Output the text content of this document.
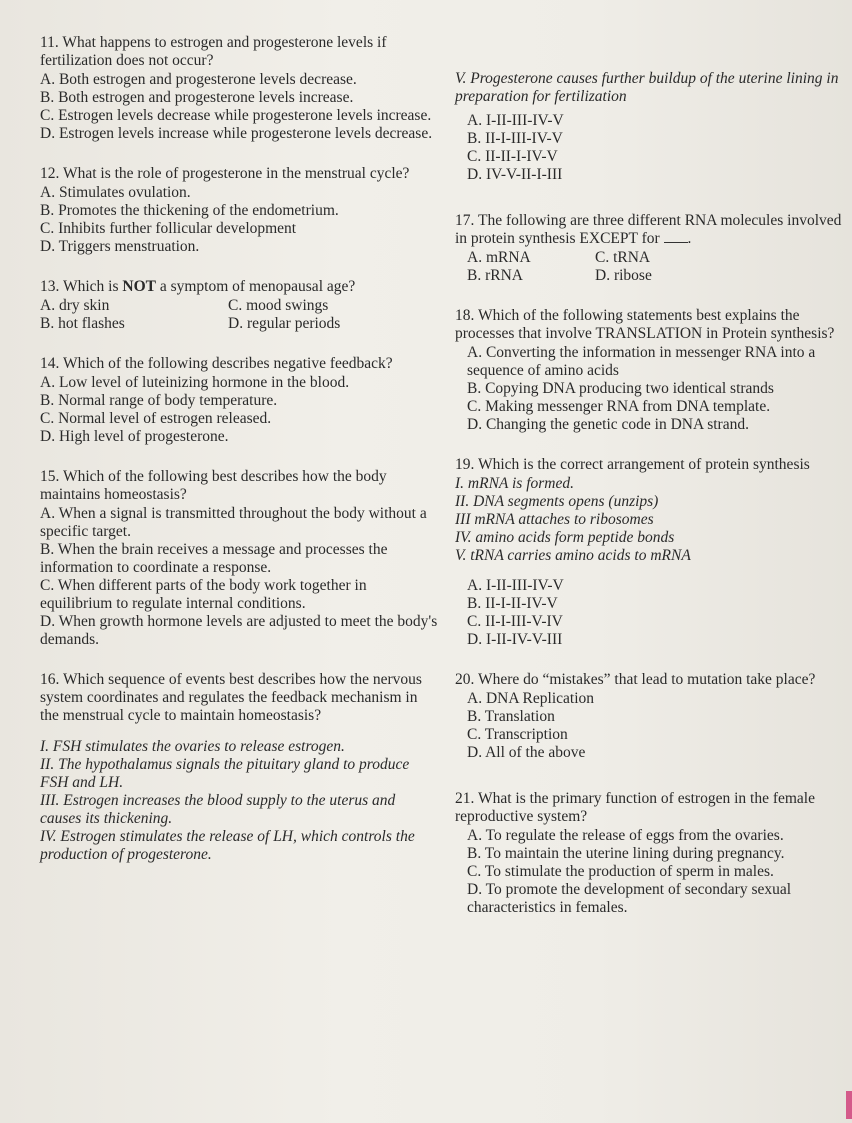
11. What happens to estrogen and progesterone levels if fertilization does not occur?
A. Both estrogen and progesterone levels decrease.
B. Both estrogen and progesterone levels increase.
C. Estrogen levels decrease while progesterone levels increase.
D. Estrogen levels increase while progesterone levels decrease.
12. What is the role of progesterone in the menstrual cycle?
A. Stimulates ovulation.
B. Promotes the thickening of the endometrium.
C. Inhibits further follicular development
D. Triggers menstruation.
13. Which is NOT a symptom of menopausal age?
A. dry skin	C. mood swings
B. hot flashes	D. regular periods
14. Which of the following describes negative feedback?
A. Low level of luteinizing hormone in the blood.
B. Normal range of body temperature.
C. Normal level of estrogen released.
D. High level of progesterone.
15. Which of the following best describes how the body maintains homeostasis?
A. When a signal is transmitted throughout the body without a specific target.
B. When the brain receives a message and processes the information to coordinate a response.
C. When different parts of the body work together in equilibrium to regulate internal conditions.
D. When growth hormone levels are adjusted to meet the body's demands.
16. Which sequence of events best describes how the nervous system coordinates and regulates the feedback mechanism in the menstrual cycle to maintain homeostasis?
I. FSH stimulates the ovaries to release estrogen.
II. The hypothalamus signals the pituitary gland to produce FSH and LH.
III. Estrogen increases the blood supply to the uterus and causes its thickening.
IV. Estrogen stimulates the release of LH, which controls the production of progesterone.
V. Progesterone causes further buildup of the uterine lining in preparation for fertilization
A. I-II-III-IV-V
B. II-I-III-IV-V
C. II-II-I-IV-V
D. IV-V-II-I-III
17. The following are three different RNA molecules involved in protein synthesis EXCEPT for .
A. mRNA	C. tRNA
B. rRNA	D. ribose
18. Which of the following statements best explains the processes that involve TRANSLATION in Protein synthesis?
A. Converting the information in messenger RNA into a sequence of amino acids
B. Copying DNA producing two identical strands
C. Making messenger RNA from DNA template.
D. Changing the genetic code in DNA strand.
19. Which is the correct arrangement of protein synthesis
I. mRNA is formed.
II. DNA segments opens (unzips)
III mRNA attaches to ribosomes
IV. amino acids form peptide bonds
V. tRNA carries amino acids to mRNA
A. I-II-III-IV-V
B. II-I-II-IV-V
C. II-I-III-V-IV
D. I-II-IV-V-III
20. Where do “mistakes” that lead to mutation take place?
A. DNA Replication
B. Translation
C. Transcription
D. All of the above
21. What is the primary function of estrogen in the female reproductive system?
A. To regulate the release of eggs from the ovaries.
B. To maintain the uterine lining during pregnancy.
C. To stimulate the production of sperm in males.
D. To promote the development of secondary sexual characteristics in females.
